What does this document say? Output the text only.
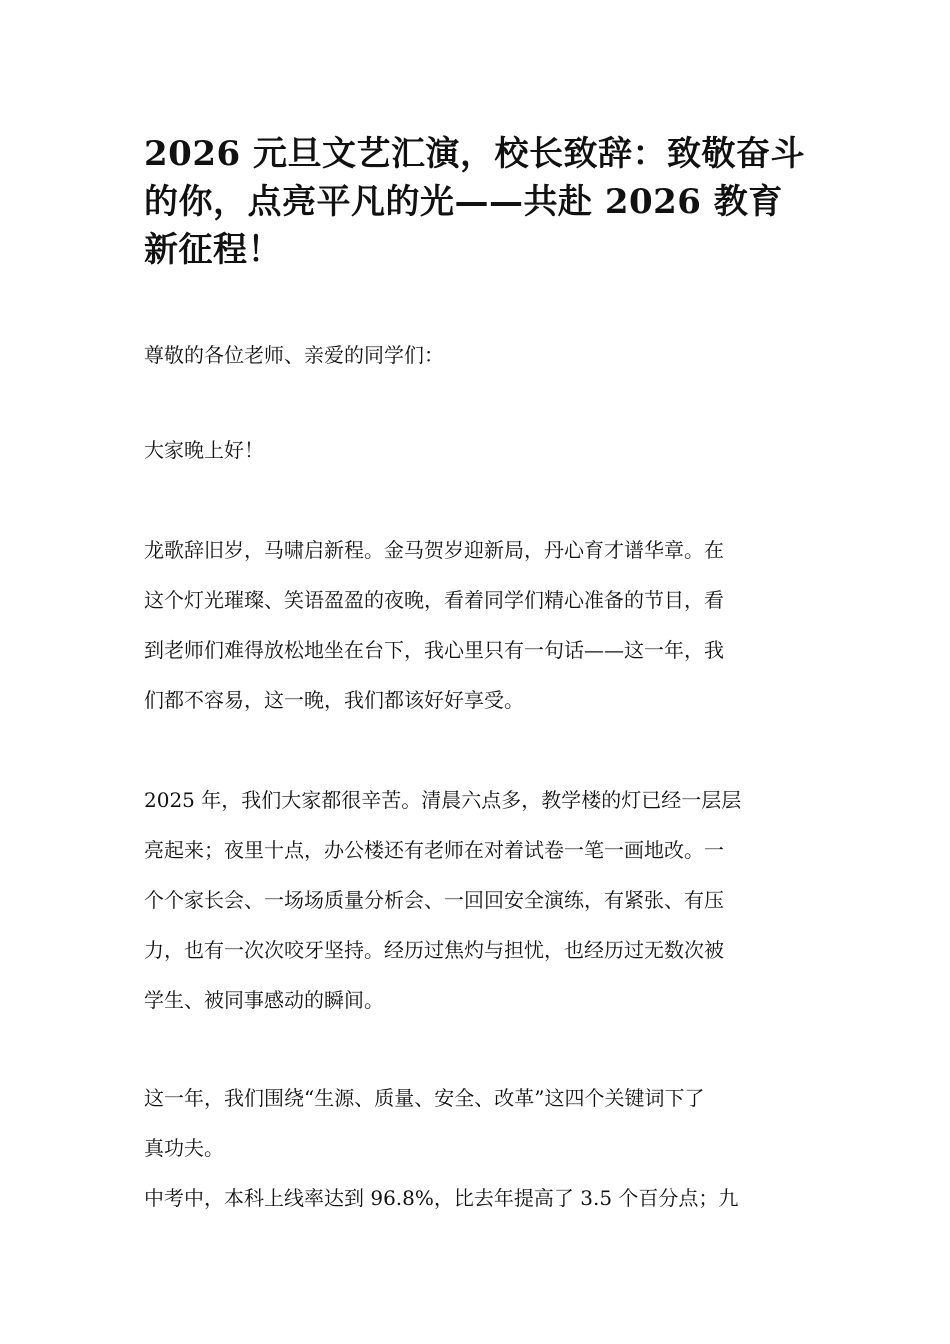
2026 元旦文艺汇演，校长致辞：致敬奋斗的你，点亮平凡的光——共赴 2026 教育新征程！

尊敬的各位老师、亲爱的同学们：

大家晚上好！

龙歌辞旧岁，马啸启新程。金马贺岁迎新局，丹心育才谱华章。在
这个灯光璀璨、笑语盈盈的夜晚，看着同学们精心准备的节目，看
到老师们难得放松地坐在台下，我心里只有一句话——这一年，我
们都不容易，这一晚，我们都该好好享受。

2025 年，我们大家都很辛苦。清晨六点多，教学楼的灯已经一层层
亮起来；夜里十点，办公楼还有老师在对着试卷一笔一画地改。一
个个家长会、一场场质量分析会、一回回安全演练，有紧张、有压
力，也有一次次咬牙坚持。经历过焦灼与担忧，也经历过无数次被
学生、被同事感动的瞬间。

这一年，我们围绕“生源、质量、安全、改革”这四个关键词下了
真功夫。
中考中，本科上线率达到 96.8%，比去年提高了 3.5 个百分点；九
